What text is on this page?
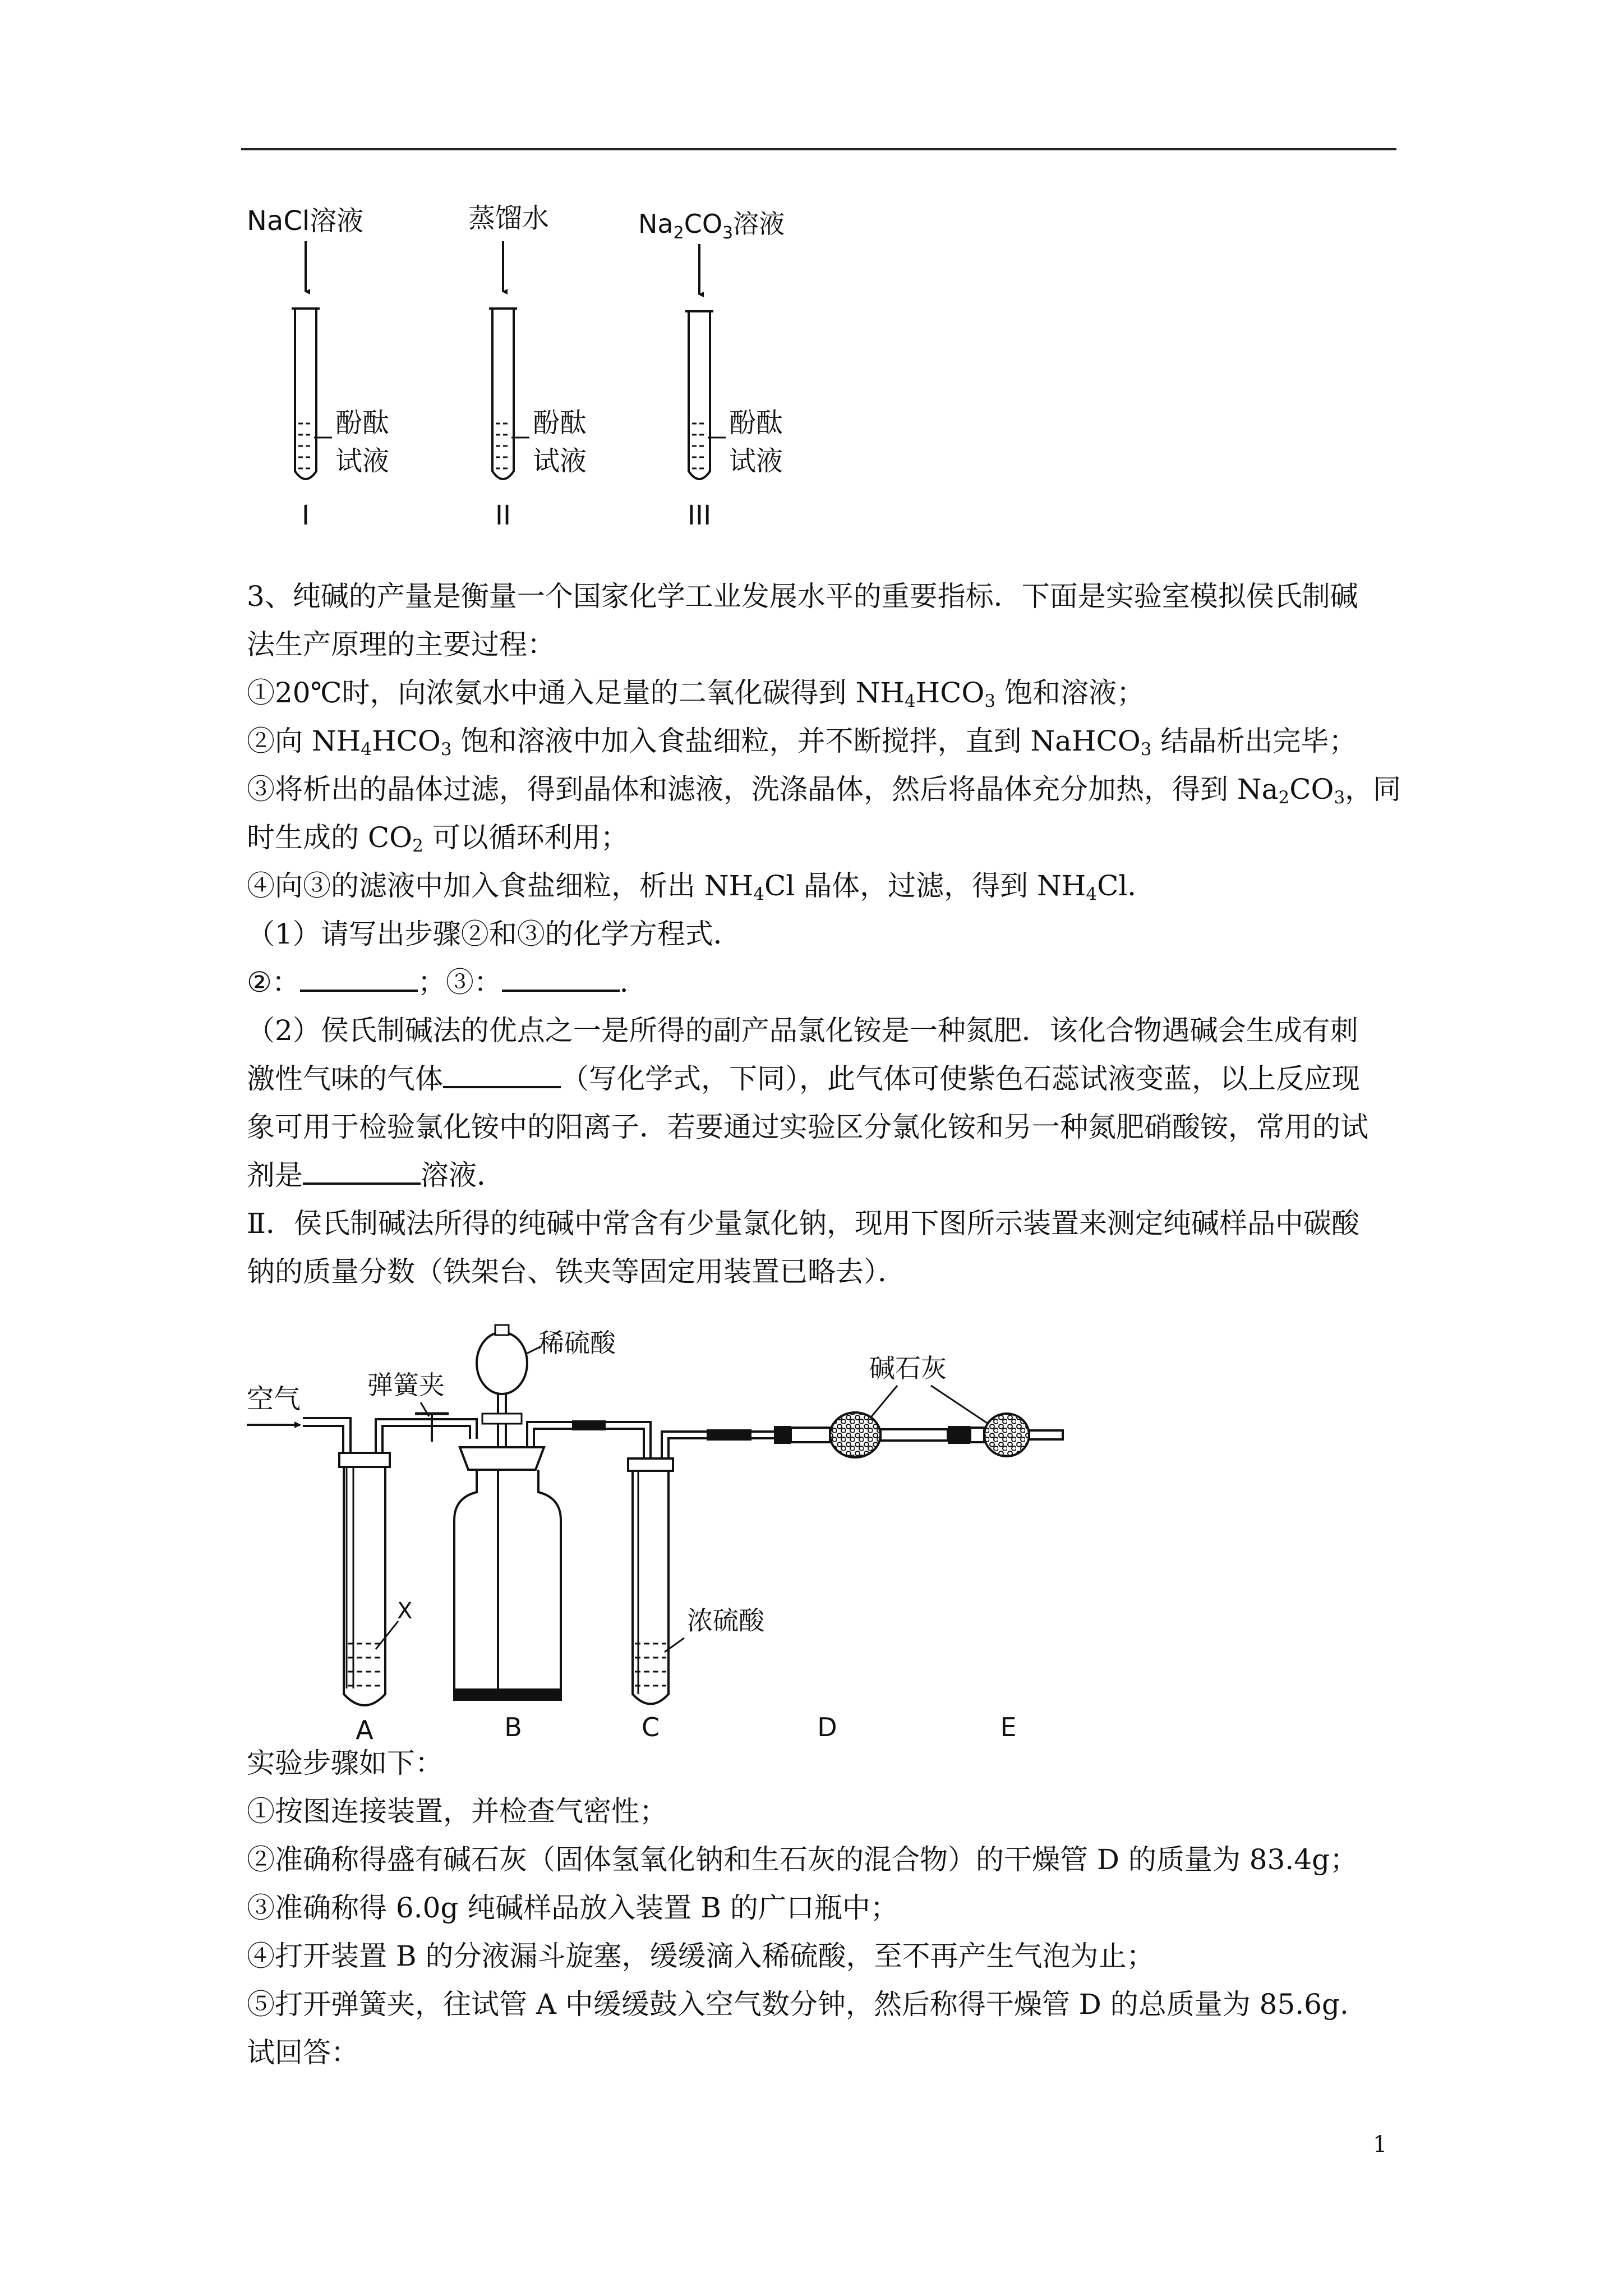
NaCl溶液
酚酞
试液
I
蒸馏水
酚酞
试液
II
$Na_2CO_3$溶液
酚酞
试液
III

3、纯碱的产量是衡量一个国家化学工业发展水平的重要指标．下面是实验室模拟侯氏制碱

法生产原理的主要过程：

①20℃时，向浓氨水中通入足量的二氧化碳得到 $NH_4HCO_3$ 饱和溶液；

②向 $NH_4HCO_3$ 饱和溶液中加入食盐细粒，并不断搅拌，直到 NaHCO$_3$ 结晶析出完毕；

③将析出的晶体过滤，得到晶体和滤液，洗涤晶体，然后将晶体充分加热，得到 $Na_2CO_3$，同

时生成的 $CO_2$ 可以循环利用；

④向③的滤液中加入食盐细粒，析出 $NH_4Cl$ 晶体，过滤，得到 $NH_4Cl$．

（1）请写出步骤②和③的化学方程式．

②：	；③：	．

（2）侯氏制碱法的优点之一是所得的副产品氯化铵是一种氮肥．该化合物遇碱会生成有刺

激性气味的气体	（写化学式，下同），此气体可使紫色石蕊试液变蓝，以上反应现

象可用于检验氯化铵中的阳离子．若要通过实验区分氯化铵和另一种氮肥硝酸铵，常用的试

剂是	溶液．

Ⅱ．侯氏制碱法所得的纯碱中常含有少量氯化钠，现用下图所示装置来测定纯碱样品中碳酸

钠的质量分数（铁架台、铁夹等固定用装置已略去）．

空气	弹簧夹
稀硫酸
碱石灰
X	浓硫酸
A	B	C	D	E

实验步骤如下：

①按图连接装置，并检查气密性；

②准确称得盛有碱石灰（固体氢氧化钠和生石灰的混合物）的干燥管 D 的质量为 83.4g；

③准确称得 6.0g 纯碱样品放入装置 B 的广口瓶中；

④打开装置 B 的分液漏斗旋塞，缓缓滴入稀硫酸，至不再产生气泡为止；

⑤打开弹簧夹，往试管 A 中缓缓鼓入空气数分钟，然后称得干燥管 D 的总质量为 85.6g.

试回答：

1
